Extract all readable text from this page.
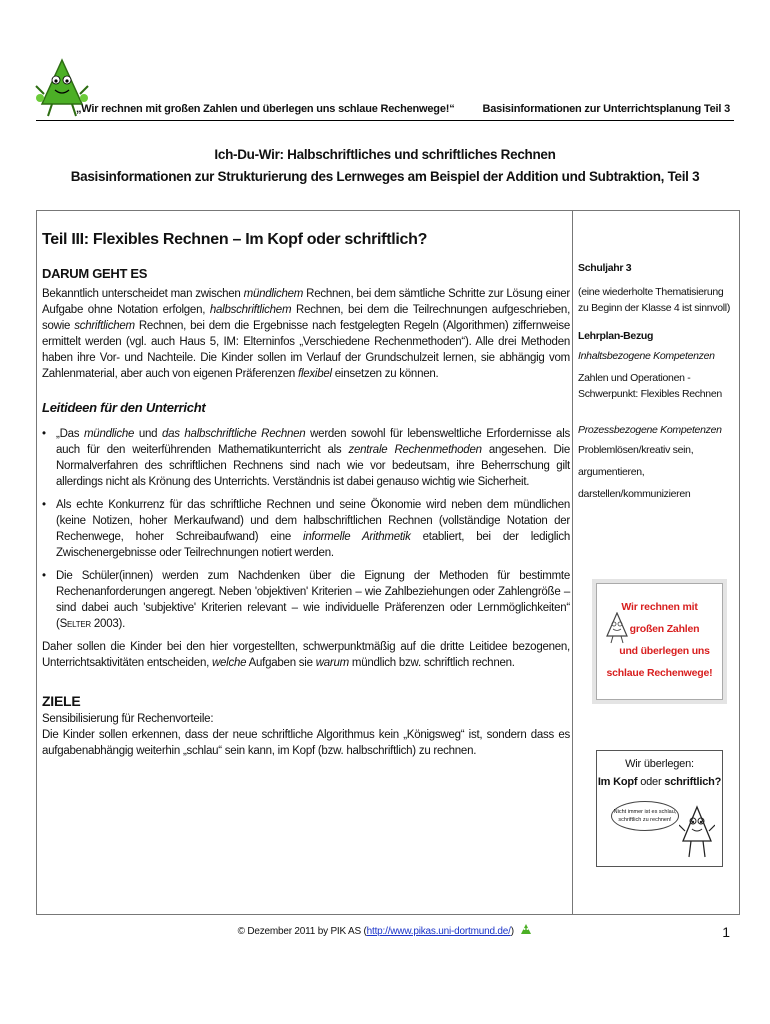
„Wir rechnen mit großen Zahlen und überlegen uns schlaue Rechenwege!“	Basisinformationen zur Unterrichtsplanung Teil 3
Ich-Du-Wir: Halbschriftliches und schriftliches Rechnen
Basisinformationen zur Strukturierung des Lernweges am Beispiel der Addition und Subtraktion, Teil 3
Teil III: Flexibles Rechnen – Im Kopf oder schriftlich?
DARUM GEHT ES

Bekanntlich unterscheidet man zwischen mündlichem Rechnen, bei dem sämtliche Schritte zur Lösung einer Aufgabe ohne Notation erfolgen, halbschriftlichem Rechnen, bei dem die Teilrechnungen aufgeschrieben, sowie schriftlichem Rechnen, bei dem die Ergebnisse nach festgelegten Regeln (Algorithmen) ziffernweise ermittelt werden (vgl. auch Haus 5, IM: Elterninfos „Verschiedene Rechenmethoden“). Alle drei Methoden haben ihre Vor- und Nachteile. Die Kinder sollen im Verlauf der Grundschulzeit lernen, sie abhängig vom Zahlenmaterial, aber auch von eigenen Präferenzen flexibel einsetzen zu können.

Leitideen für den Unterricht
• „Das mündliche und das halbschriftliche Rechnen werden sowohl für lebensweltliche Erfordernisse als auch für den weiterführenden Mathematikunterricht als zentrale Rechenmethoden angesehen. Die Normalverfahren des schriftlichen Rechnens sind nach wie vor bedeutsam, ihre Beherrschung gilt allerdings nicht als Krönung des Unterrichts. Verständnis ist dabei genauso wichtig wie Sicherheit.
• Als echte Konkurrenz für das schriftliche Rechnen und seine Ökonomie wird neben dem mündlichen (keine Notizen, hoher Merkaufwand) und dem halbschriftlichen Rechnen (vollständige Notation der Rechenwege, hoher Schreibaufwand) eine informelle Arithmetik etabliert, bei der lediglich Zwischenergebnisse oder Teilrechnungen notiert werden.
• Die Schüler(innen) werden zum Nachdenken über die Eignung der Methoden für bestimmte Rechenanforderungen angeregt. Neben 'objektiven' Kriterien – wie Zahlbeziehungen oder Zahlengröße – sind dabei auch 'subjektive' Kriterien relevant – wie individuelle Präferenzen oder Lernmöglichkeiten“ (Selter 2003).

Daher sollen die Kinder bei den hier vorgestellten, schwerpunktmäßig auf die dritte Leitidee bezogenen, Unterrichtsaktivitäten entscheiden, welche Aufgaben sie warum mündlich bzw. schriftlich rechnen.

ZIELE

Sensibilisierung für Rechenvorteile:

Die Kinder sollen erkennen, dass der neue schriftliche Algorithmus kein „Königsweg“ ist, sondern dass es aufgabenabhängig weiterhin „schlau“ sein kann, im Kopf (bzw. halbschriftlich) zu rechnen.

Schuljahr 3
(eine wiederholte Thematisierung zu Beginn der Klasse 4 ist sinnvoll)
Lehrplan-Bezug
Inhaltsbezogene Kompetenzen
Zahlen und Operationen - Schwerpunkt: Flexibles Rechnen
Prozessbezogene Kompetenzen
Problemlösen/kreativ sein,
argumentieren,
darstellen/kommunizieren
Wir rechnen mit
großen Zahlen
und überlegen uns
schlaue Rechenwege!
Wir überlegen:
Im Kopf oder schriftlich?
Nicht immer ist es schlau,
schriftlich zu rechnen!
© Dezember 2011 by PIK AS (http://www.pikas.uni-dortmund.de/)	1
